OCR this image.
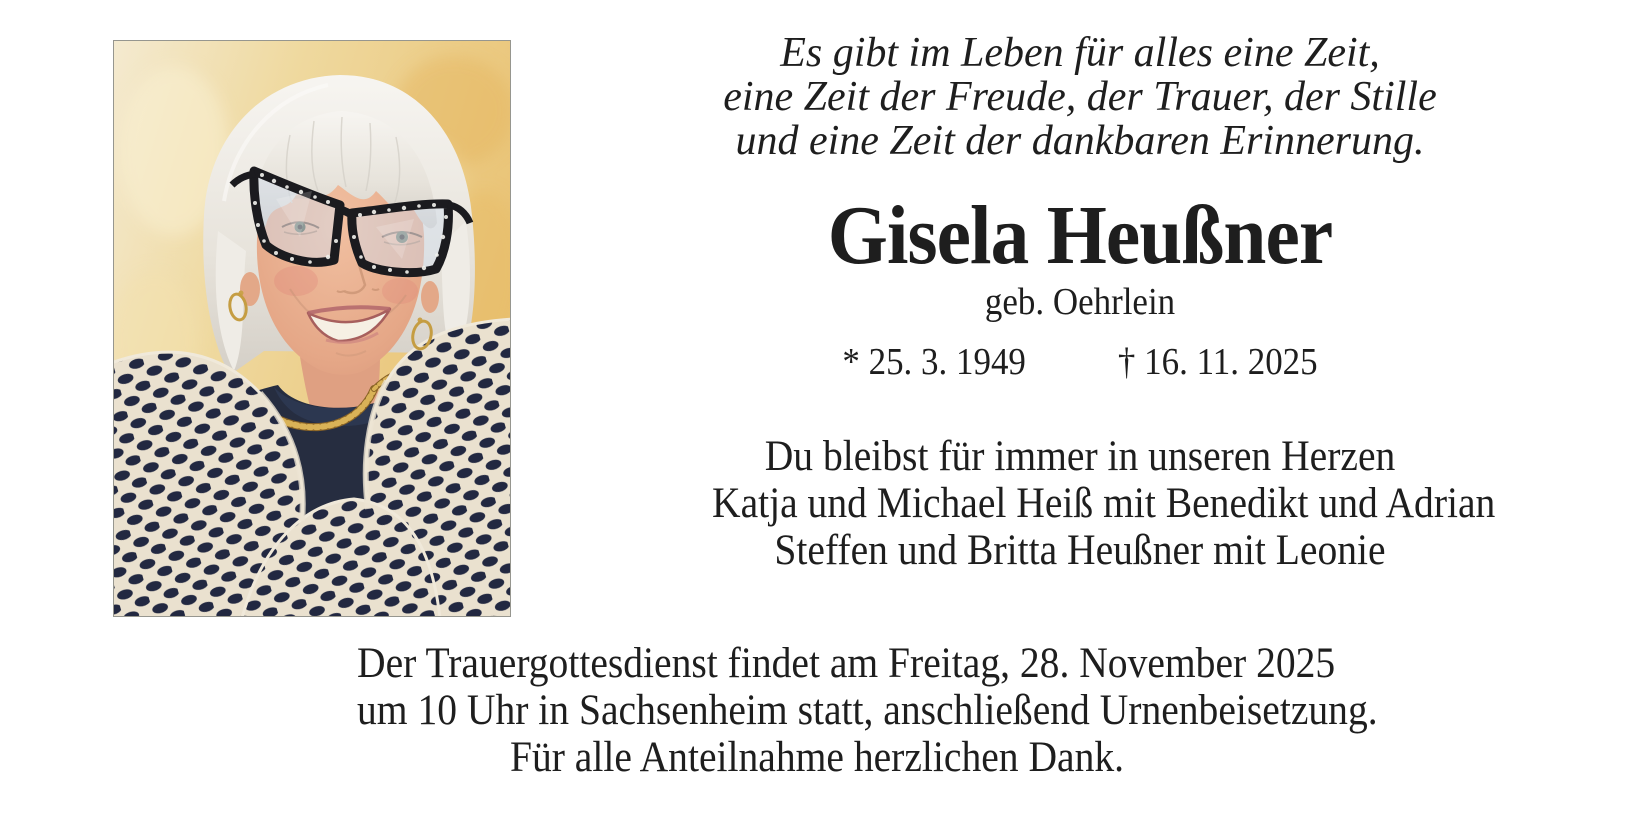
Es gibt im Leben für alles eine Zeit,
eine Zeit der Freude, der Trauer, der Stille
und eine Zeit der dankbaren Erinnerung.
Gisela Heußner
geb. Oehrlein
* 25. 3. 1949 † 16. 11. 2025
Du bleibst für immer in unseren Herzen
Katja und Michael Heiß mit Benedikt und Adrian
Steffen und Britta Heußner mit Leonie
Der Trauergottesdienst findet am Freitag, 28. November 2025
um 10 Uhr in Sachsenheim statt, anschließend Urnenbeisetzung.
Für alle Anteilnahme herzlichen Dank.
